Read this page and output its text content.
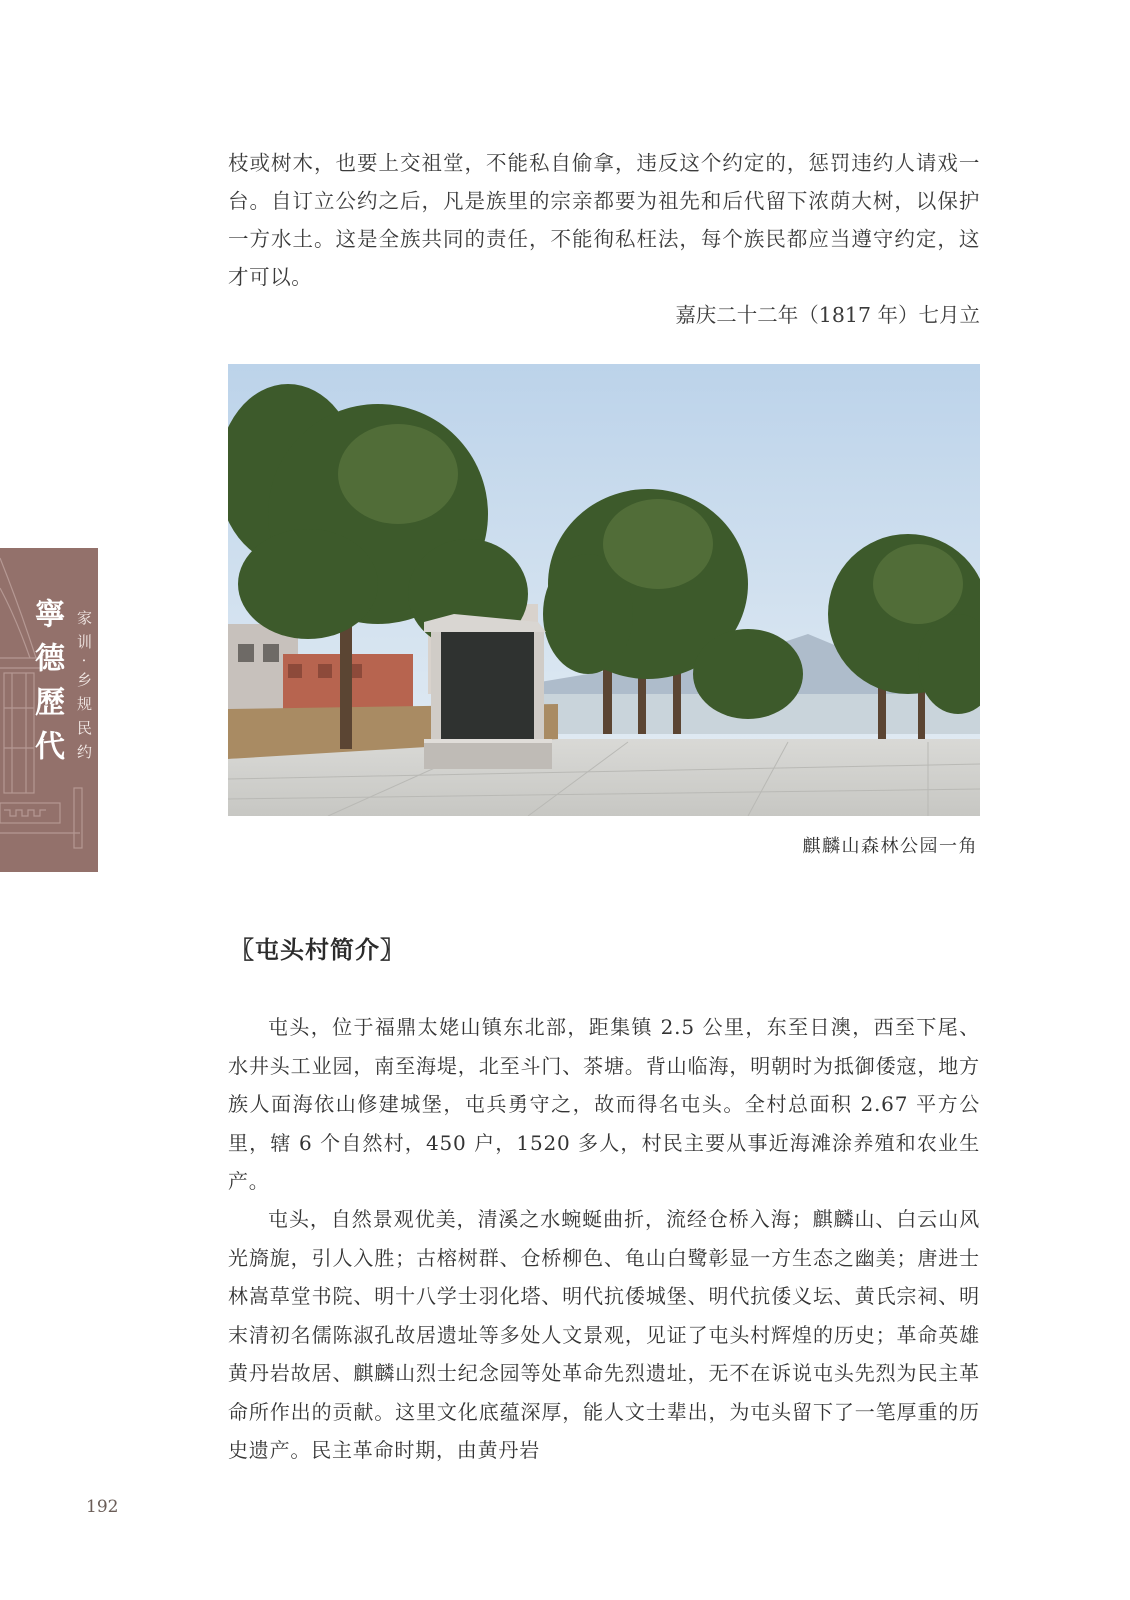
枝或树木，也要上交祖堂，不能私自偷拿，违反这个约定的，惩罚违约人请戏一台。自订立公约之后，凡是族里的宗亲都要为祖先和后代留下浓荫大树，以保护一方水土。这是全族共同的责任，不能徇私枉法，每个族民都应当遵守约定，这才可以。

嘉庆二十二年（1817 年）七月立
麒麟山森林公园一角
〖屯头村简介〗

屯头，位于福鼎太姥山镇东北部，距集镇 2.5 公里，东至日澳，西至下尾、水井头工业园，南至海堤，北至斗门、茶塘。背山临海，明朝时为抵御倭寇，地方族人面海依山修建城堡，屯兵勇守之，故而得名屯头。全村总面积 2.67 平方公里，辖 6 个自然村，450 户，1520 多人，村民主要从事近海滩涂养殖和农业生产。

屯头，自然景观优美，清溪之水蜿蜒曲折，流经仓桥入海；麒麟山、白云山风光旖旎，引人入胜；古榕树群、仓桥柳色、龟山白鹭彰显一方生态之幽美；唐进士林嵩草堂书院、明十八学士羽化塔、明代抗倭城堡、明代抗倭义坛、黄氏宗祠、明末清初名儒陈淑孔故居遗址等多处人文景观，见证了屯头村辉煌的历史；革命英雄黄丹岩故居、麒麟山烈士纪念园等处革命先烈遗址，无不在诉说屯头先烈为民主革命所作出的贡献。这里文化底蕴深厚，能人文士辈出，为屯头留下了一笔厚重的历史遗产。民主革命时期，由黄丹岩

寧德歷代 家训·乡规民约
192
